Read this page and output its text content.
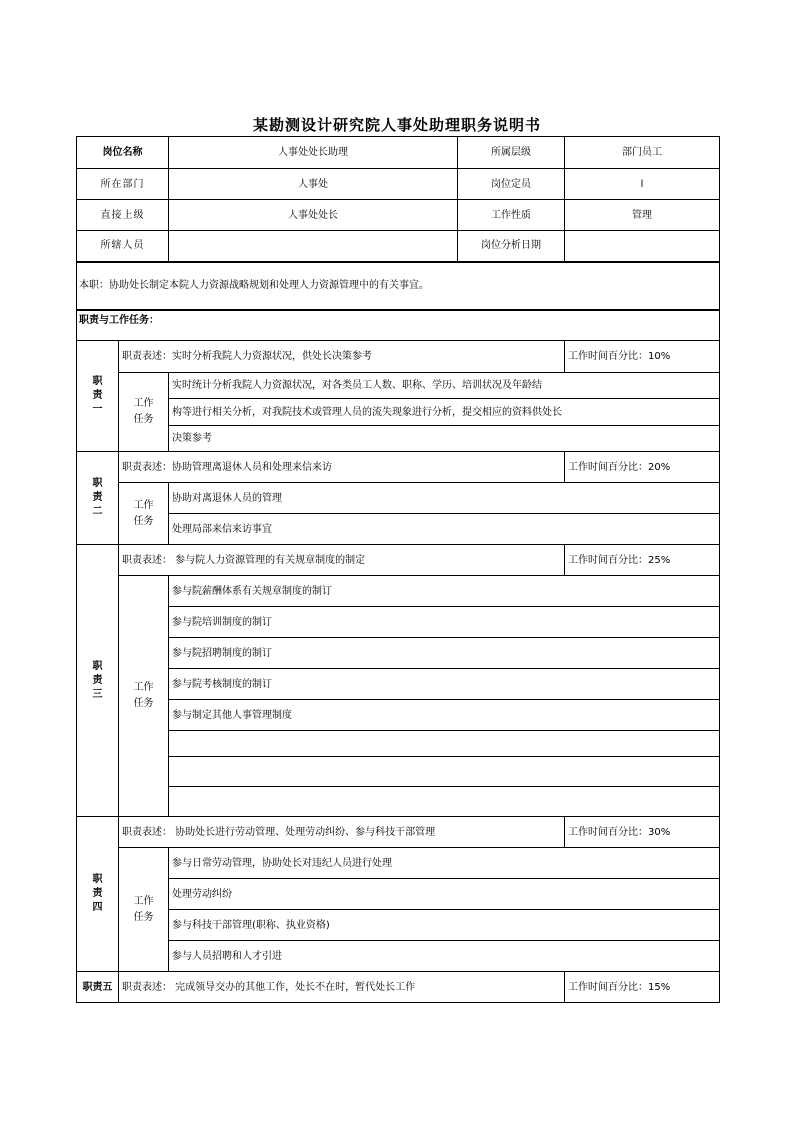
某勘测设计研究院人事处助理职务说明书
岗位名称		人事处处长助理	所属层级	部门员工
所在部门		人事处	岗位定员	l
直接上级		人事处处长	工作性质	管理
所辖人员			岗位分析日期	
本职：协助处长制定本院人力资源战略规划和处理人力资源管理中的有关事宜。				
职责与工作任务：				

职
责
一	职责表述：实时分析我院人力资源状况，供处长决策参考			工作时间百分比：10%

	工作
任务	实时统计分析我院人力资源状况，对各类员工人数、职称、学历、培训状况及年龄结		
		构等进行相关分析，对我院技术或管理人员的流失现象进行分析，提交相应的资料供处长		
		决策参考		

职
责
二	职责表述：协助管理离退休人员和处理来信来访			工作时间百分比：20%

	工作
任务	协助对离退休人员的管理		
		处理局部来信来访事宜		

职
责
三	职责表述： 参与院人力资源管理的有关规章制度的制定			工作时间百分比：25%

	工作
任务	参与院薪酬体系有关规章制度的制订		
		参与院培训制度的制订		
		参与院招聘制度的制订		
		参与院考核制度的制订		
		参与制定其他人事管理制度		

职
责
四	职责表述： 协助处长进行劳动管理、处理劳动纠纷、参与科技干部管理			工作时间百分比：30%

	工作
任务	参与日常劳动管理，协助处长对违纪人员进行处理		
		处理劳动纠纷		
		参与科技干部管理(职称、执业资格)		
		参与人员招聘和人才引进		
职责五	职责表述： 完成领导交办的其他工作，处长不在时，暂代处长工作			工作时间百分比：15%
